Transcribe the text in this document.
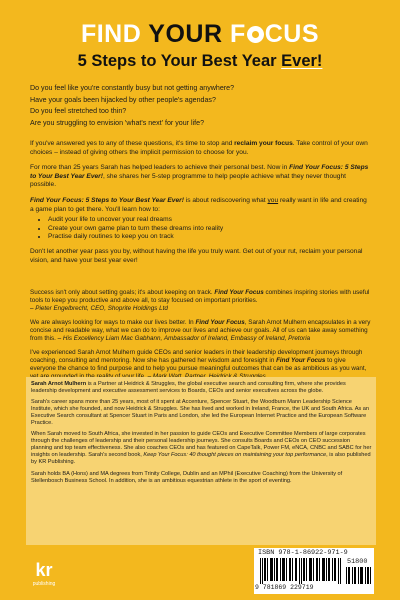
FIND YOUR F CUS
5 Steps to Your Best Year Ever!

Do you feel like you're constantly busy but not getting anywhere?

Have your goals been hijacked by other people's agendas?

Do you feel stretched too thin?

Are you struggling to envision 'what's next' for your life?

If you've answered yes to any of these questions, it's time to stop and reclaim your focus. Take control of your own choices – instead of giving others the implicit permission to choose for you.

For more than 25 years Sarah has helped leaders to achieve their personal best. Now in Find Your Focus: 5 Steps to Your Best Year Ever!, she shares her 5-step programme to help people achieve what they never thought possible.

Find Your Focus: 5 Steps to Your Best Year Ever! is about rediscovering what you really want in life and creating a game plan to get there. You'll learn how to:

• Audit your life to uncover your real dreams
• Create your own game plan to turn these dreams into reality
• Practise daily routines to keep you on track

Don't let another year pass you by, without having the life you truly want. Get out of your rut, reclaim your personal vision, and have your best year ever!

Success isn't only about setting goals; it's about keeping on track. Find Your Focus combines inspiring stories with useful tools to keep you productive and above all, to stay focused on important priorities.
– Pieter Engelbrecht, CEO, Shoprite Holdings Ltd

We are always looking for ways to make our lives better. In Find Your Focus, Sarah Arnot Mulhern encapsulates in a very concise and readable way, what we can do to improve our lives and achieve our goals. All of us can take away something from this. – His Excellency Liam Mac Gabhann, Ambassador of Ireland, Embassy of Ireland, Pretoria

I've experienced Sarah Arnot Mulhern guide CEOs and senior leaders in their leadership development journeys through coaching, consulting and mentoring. Now she has gathered her wisdom and foresight in Find Your Focus to give everyone the chance to find purpose and to help you pursue meaningful outcomes that can be as ambitious as you want,

Sarah Arnot Mulhern is a Partner at Heidrick & Struggles, the global executive search and consulting firm, where she provides leadership development and executive assessment services to Boards, CEOs and senior executives across the globe.

Sarah's career spans more than 25 years, most of it spent at Accenture, Spencer Stuart, the Woodburn Mann Leadership Science Institute, which she founded, and now Heidrick & Struggles. She has lived and worked in Ireland, France, the UK and South Africa. As an Executive Search consultant at Spencer Stuart in Paris and London, she led the European Internet Practice and the European Software Practice.

When Sarah moved to South Africa, she invested in her passion to guide CEOs and Executive Committee Members of large corporates through the challenges of leadership and their personal leadership journeys. She consults Boards and CEOs on CEO succession planning and top team effectiveness. She also coaches CEOs and has featured on CapeTalk, Power FM, eNCA, CNBC and SABC for her insights on leadership. Sarah's second book, Keep Your Focus: 40 thought pieces on maintaining your top performance, is also published by KR Publishing.

Sarah holds BA (Hons) and MA degrees from Trinity College, Dublin and an MPhil (Executive Coaching) from the University of Stellenbosch Business School. In addition, she is an ambitious equestrian athlete in the sport of eventing.

kr
publishing
ISBN 978-1-86922-971-9
51800
9 781869 229719
